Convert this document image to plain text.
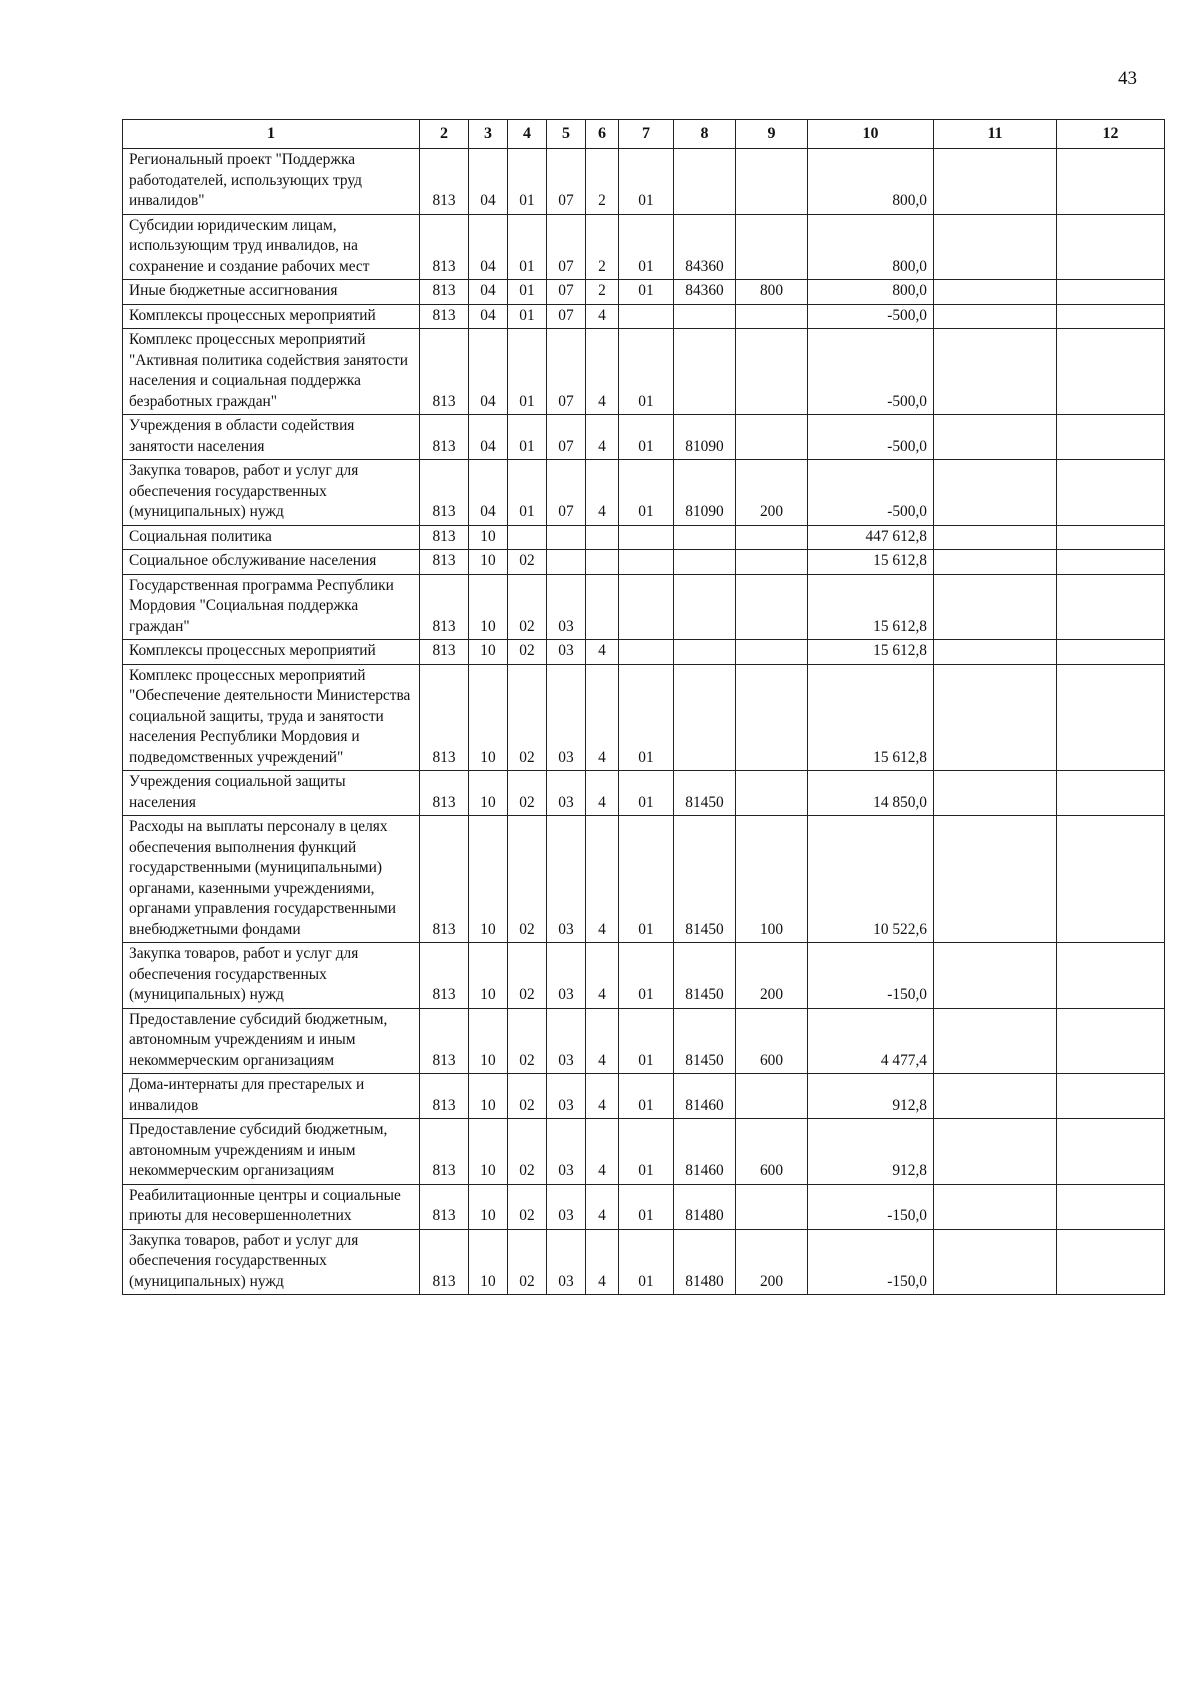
43
1	2	3	4	5	6	7	8	9	10	11	12
Региональный проект "Поддержка работодателей, использующих труд инвалидов"	813	04	01	07	2	01			800,0		
Субсидии юридическим лицам, использующим труд инвалидов, на сохранение и создание рабочих мест	813	04	01	07	2	01	84360		800,0		
Иные бюджетные ассигнования	813	04	01	07	2	01	84360	800	800,0		
Комплексы процессных мероприятий	813	04	01	07	4				-500,0		
Комплекс процессных мероприятий "Активная политика содействия занятости населения и социальная поддержка безработных граждан"	813	04	01	07	4	01			-500,0		
Учреждения в области содействия занятости населения	813	04	01	07	4	01	81090		-500,0		
Закупка товаров, работ и услуг для обеспечения государственных (муниципальных) нужд	813	04	01	07	4	01	81090	200	-500,0		
Социальная политика	813	10							447 612,8		
Социальное обслуживание населения	813	10	02						15 612,8		
Государственная программа Республики Мордовия "Социальная поддержка граждан"	813	10	02	03					15 612,8		
Комплексы процессных мероприятий	813	10	02	03	4				15 612,8		
Комплекс процессных мероприятий "Обеспечение деятельности Министерства социальной защиты, труда и занятости населения Республики Мордовия и подведомственных учреждений"	813	10	02	03	4	01			15 612,8		
Учреждения социальной защиты населения	813	10	02	03	4	01	81450		14 850,0		
Расходы на выплаты персоналу в целях обеспечения выполнения функций государственными (муниципальными) органами, казенными учреждениями, органами управления государственными внебюджетными фондами	813	10	02	03	4	01	81450	100	10 522,6		
Закупка товаров, работ и услуг для обеспечения государственных (муниципальных) нужд	813	10	02	03	4	01	81450	200	-150,0		
Предоставление субсидий бюджетным, автономным учреждениям и иным некоммерческим организациям	813	10	02	03	4	01	81450	600	4 477,4		
Дома-интернаты для престарелых и инвалидов	813	10	02	03	4	01	81460		912,8		
Предоставление субсидий бюджетным, автономным учреждениям и иным некоммерческим организациям	813	10	02	03	4	01	81460	600	912,8		
Реабилитационные центры и социальные приюты для несовершеннолетних	813	10	02	03	4	01	81480		-150,0		
Закупка товаров, работ и услуг для обеспечения государственных (муниципальных) нужд	813	10	02	03	4	01	81480	200	-150,0		
